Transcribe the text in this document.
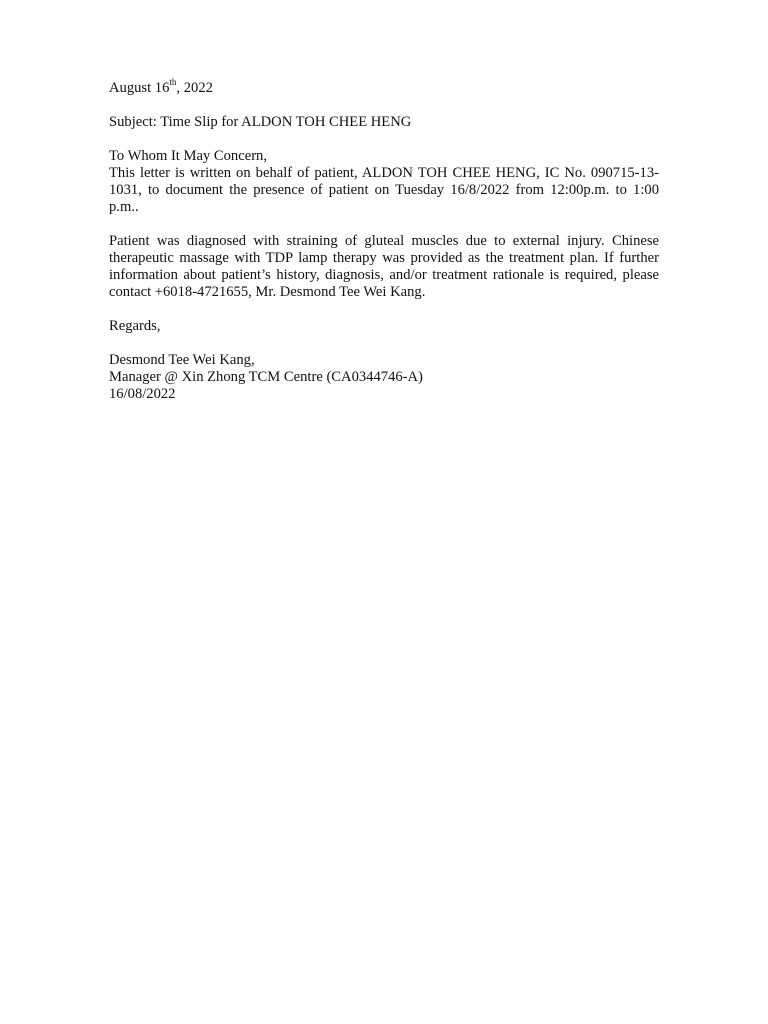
August 16th, 2022
Subject: Time Slip for ALDON TOH CHEE HENG
To Whom It May Concern,
This letter is written on behalf of patient, ALDON TOH CHEE HENG, IC No. 090715-13-1031, to document the presence of patient on Tuesday 16/8/2022 from 12:00p.m. to 1:00 p.m..
Patient was diagnosed with straining of gluteal muscles due to external injury. Chinese therapeutic massage with TDP lamp therapy was provided as the treatment plan. If further information about patient’s history, diagnosis, and/or treatment rationale is required, please contact +6018-4721655, Mr. Desmond Tee Wei Kang.
Regards,
Desmond Tee Wei Kang,
Manager @ Xin Zhong TCM Centre (CA0344746-A)
16/08/2022
